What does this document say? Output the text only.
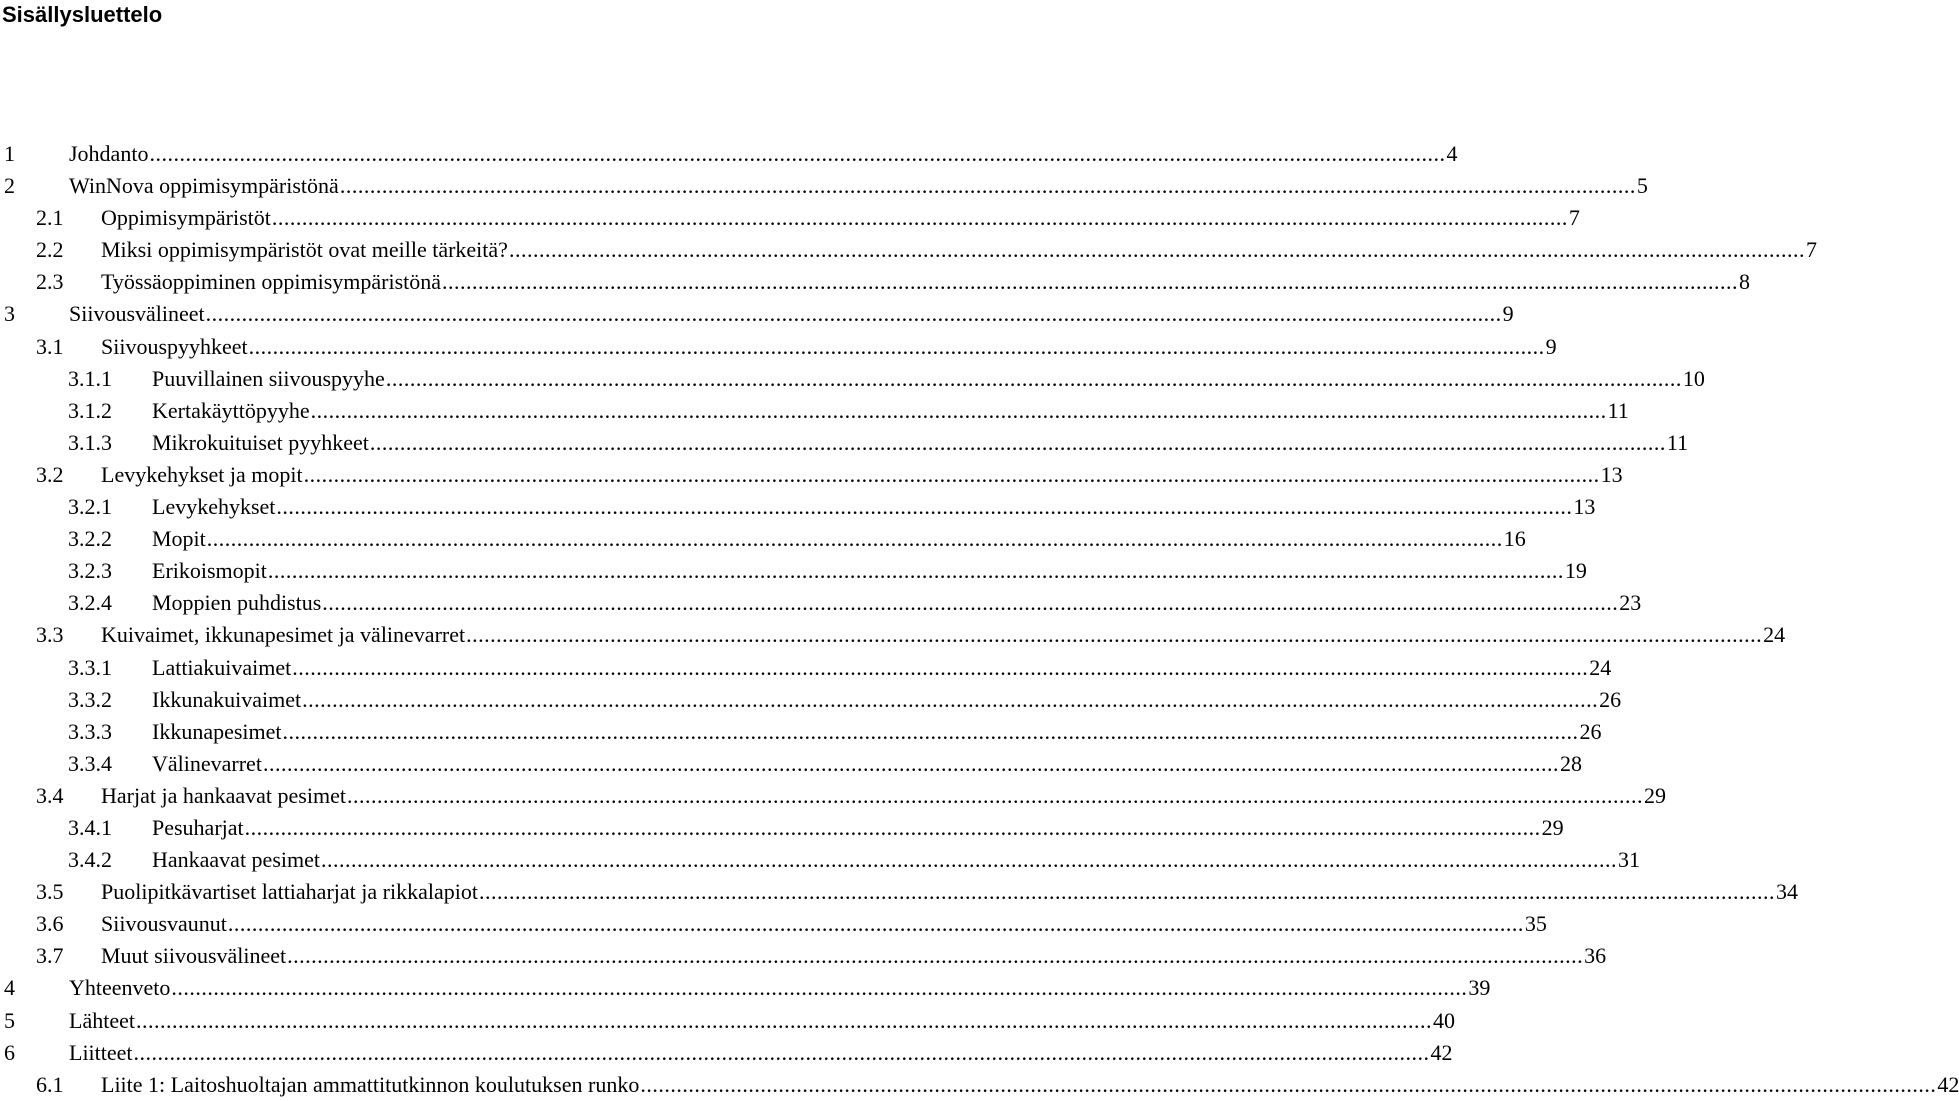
Sisällysluettelo
1 Johdanto ........................................................................................................................................................................................................................ 4
2 WinNova oppimisympäristönä ........................................................................................................................................................................................................................ 5
2.1 Oppimisympäristöt ........................................................................................................................................................................................................................ 7
2.2 Miksi oppimisympäristöt ovat meille tärkeitä? ........................................................................................................................................................................................................................ 7
2.3 Työssäoppiminen oppimisympäristönä ........................................................................................................................................................................................................................ 8
3 Siivousvälineet ........................................................................................................................................................................................................................ 9
3.1 Siivouspyyhkeet ........................................................................................................................................................................................................................ 9
3.1.1 Puuvillainen siivouspyyhe ........................................................................................................................................................................................................................ 10
3.1.2 Kertakäyttöpyyhe ........................................................................................................................................................................................................................ 11
3.1.3 Mikrokuituiset pyyhkeet ........................................................................................................................................................................................................................ 11
3.2 Levykehykset ja mopit ........................................................................................................................................................................................................................ 13
3.2.1 Levykehykset ........................................................................................................................................................................................................................ 13
3.2.2 Mopit ........................................................................................................................................................................................................................ 16
3.2.3 Erikoismopit ........................................................................................................................................................................................................................ 19
3.2.4 Moppien puhdistus ........................................................................................................................................................................................................................ 23
3.3 Kuivaimet, ikkunapesimet ja välinevarret ........................................................................................................................................................................................................................ 24
3.3.1 Lattiakuivaimet ........................................................................................................................................................................................................................ 24
3.3.2 Ikkunakuivaimet ........................................................................................................................................................................................................................ 26
3.3.3 Ikkunapesimet ........................................................................................................................................................................................................................ 26
3.3.4 Välinevarret ........................................................................................................................................................................................................................ 28
3.4 Harjat ja hankaavat pesimet ........................................................................................................................................................................................................................ 29
3.4.1 Pesuharjat ........................................................................................................................................................................................................................ 29
3.4.2 Hankaavat pesimet ........................................................................................................................................................................................................................ 31
3.5 Puolipitkävartiset lattiaharjat ja rikkalapiot ........................................................................................................................................................................................................................ 34
3.6 Siivousvaunut ........................................................................................................................................................................................................................ 35
3.7 Muut siivousvälineet ........................................................................................................................................................................................................................ 36
4 Yhteenveto ........................................................................................................................................................................................................................ 39
5 Lähteet ........................................................................................................................................................................................................................ 40
6 Liitteet ........................................................................................................................................................................................................................ 42
6.1 Liite 1: Laitoshuoltajan ammattitutkinnon koulutuksen runko ........................................................................................................................................................................................................................ 42
